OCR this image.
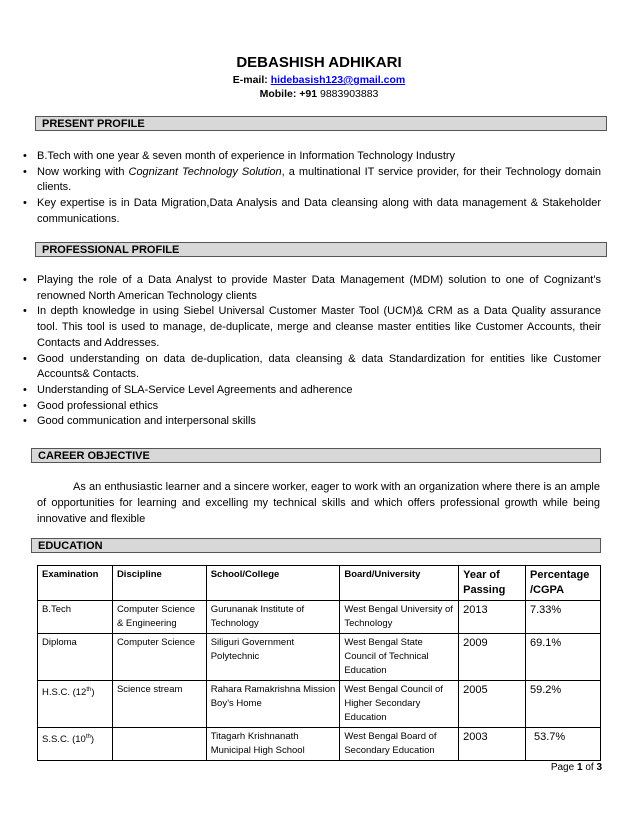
DEBASHISH ADHIKARI
E-mail: hidebasish123@gmail.com
Mobile: +91 9883903883
PRESENT PROFILE
• B.Tech with one year & seven month of experience in Information Technology Industry
• Now working with Cognizant Technology Solution, a multinational IT service provider, for their Technology domain clients.
• Key expertise is in Data Migration,Data Analysis and Data cleansing along with data management & Stakeholder communications.
PROFESSIONAL PROFILE
• Playing the role of a Data Analyst to provide Master Data Management (MDM) solution to one of Cognizant’s renowned North American Technology clients
• In depth knowledge in using Siebel Universal Customer Master Tool (UCM)& CRM as a Data Quality assurance tool. This tool is used to manage, de-duplicate, merge and cleanse master entities like Customer Accounts, their Contacts and Addresses.
• Good understanding on data de-duplication, data cleansing & data Standardization for entities like Customer Accounts& Contacts.
• Understanding of SLA-Service Level Agreements and adherence
• Good professional ethics
• Good communication and interpersonal skills
CAREER OBJECTIVE
As an enthusiastic learner and a sincere worker, eager to work with an organization where there is an ample of opportunities for learning and excelling my technical skills and which offers professional growth while being innovative and flexible
EDUCATION
Examination	Discipline	School/College	Board/University	Year of Passing	Percentage /CGPA
B.Tech	Computer Science & Engineering	Gurunanak Institute of Technology	West Bengal University of Technology	2013	7.33%
Diploma	Computer Science	Siliguri Government Polytechnic	West Bengal State Council of Technical Education	2009	69.1%
H.S.C. (12th)	Science stream	Rahara Ramakrishna Mission Boy’s Home	West Bengal Council of Higher Secondary Education	2005	59.2%
S.S.C. (10th)		Titagarh Krishnanath Municipal High School	West Bengal Board of Secondary Education	2003	53.7%
Page 1 of 3
